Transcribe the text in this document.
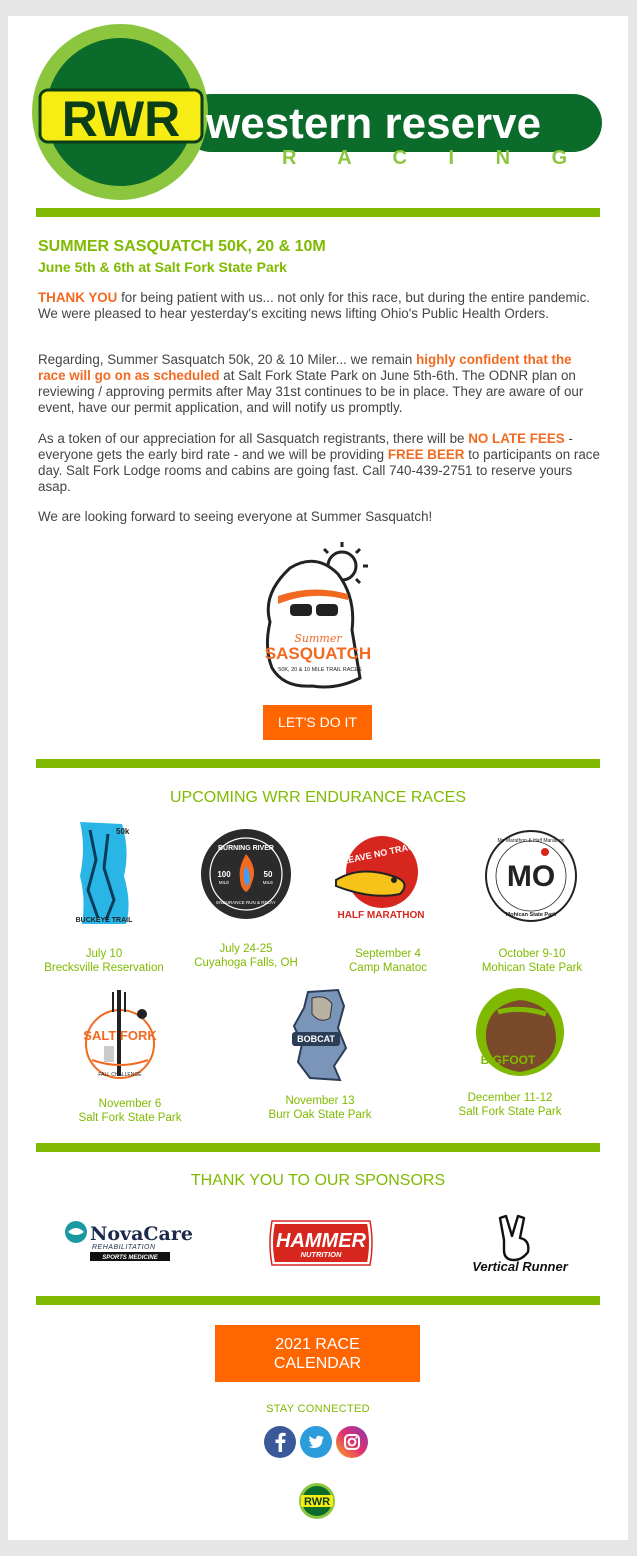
RWR western reserve
R A C I N G
SUMMER SASQUATCH 50K, 20 & 10M
June 5th & 6th at Salt Fork State Park

THANK YOU for being patient with us... not only for this race, but during the entire pandemic. We were pleased to hear yesterday's exciting news lifting Ohio's Public Health Orders.

Regarding, Summer Sasquatch 50k, 20 & 10 Miler... we remain highly confident that the race will go on as scheduled at Salt Fork State Park on June 5th-6th. The ODNR plan on reviewing / approving permits after May 31st continues to be in place. They are aware of our event, have our permit application, and will notify us promptly.

As a token of our appreciation for all Sasquatch registrants, there will be NO LATE FEES - everyone gets the early bird rate - and we will be providing FREE BEER to participants on race day. Salt Fork Lodge rooms and cabins are going fast. Call 740-439-2751 to reserve yours asap.

We are looking forward to seeing everyone at Summer Sasquatch!

Summer
SASQUATCH
50K, 20 & 10 MILE TRAIL RACES
LET'S DO IT
UPCOMING WRR ENDURANCE RACES
50k
BUCKEYE TRAIL
July 10
Brecksville Reservation
BURNING RIVER
100
MILE
50
MILE
ENDURANCE RUN & RELAY
July 24-25
Cuyahoga Falls, OH
LEAVE NO TRACE
HALF MARATHON
September 4
Camp Manatoc
Mo Marathon & Half Marathon
MO
Mohican State Park
October 9-10
Mohican State Park
SALT FORK
FALL CHALLENGE
November 6
Salt Fork State Park
BOBCAT
November 13
Burr Oak State Park
BIGFOOT
December 11-12
Salt Fork State Park
THANK YOU TO OUR SPONSORS
NovaCare
REHABILITATION
SPORTS MEDICINE
HAMMER
NUTRITION
Vertical Runner
2021 RACE
CALENDAR
STAY CONNECTED
RWR
